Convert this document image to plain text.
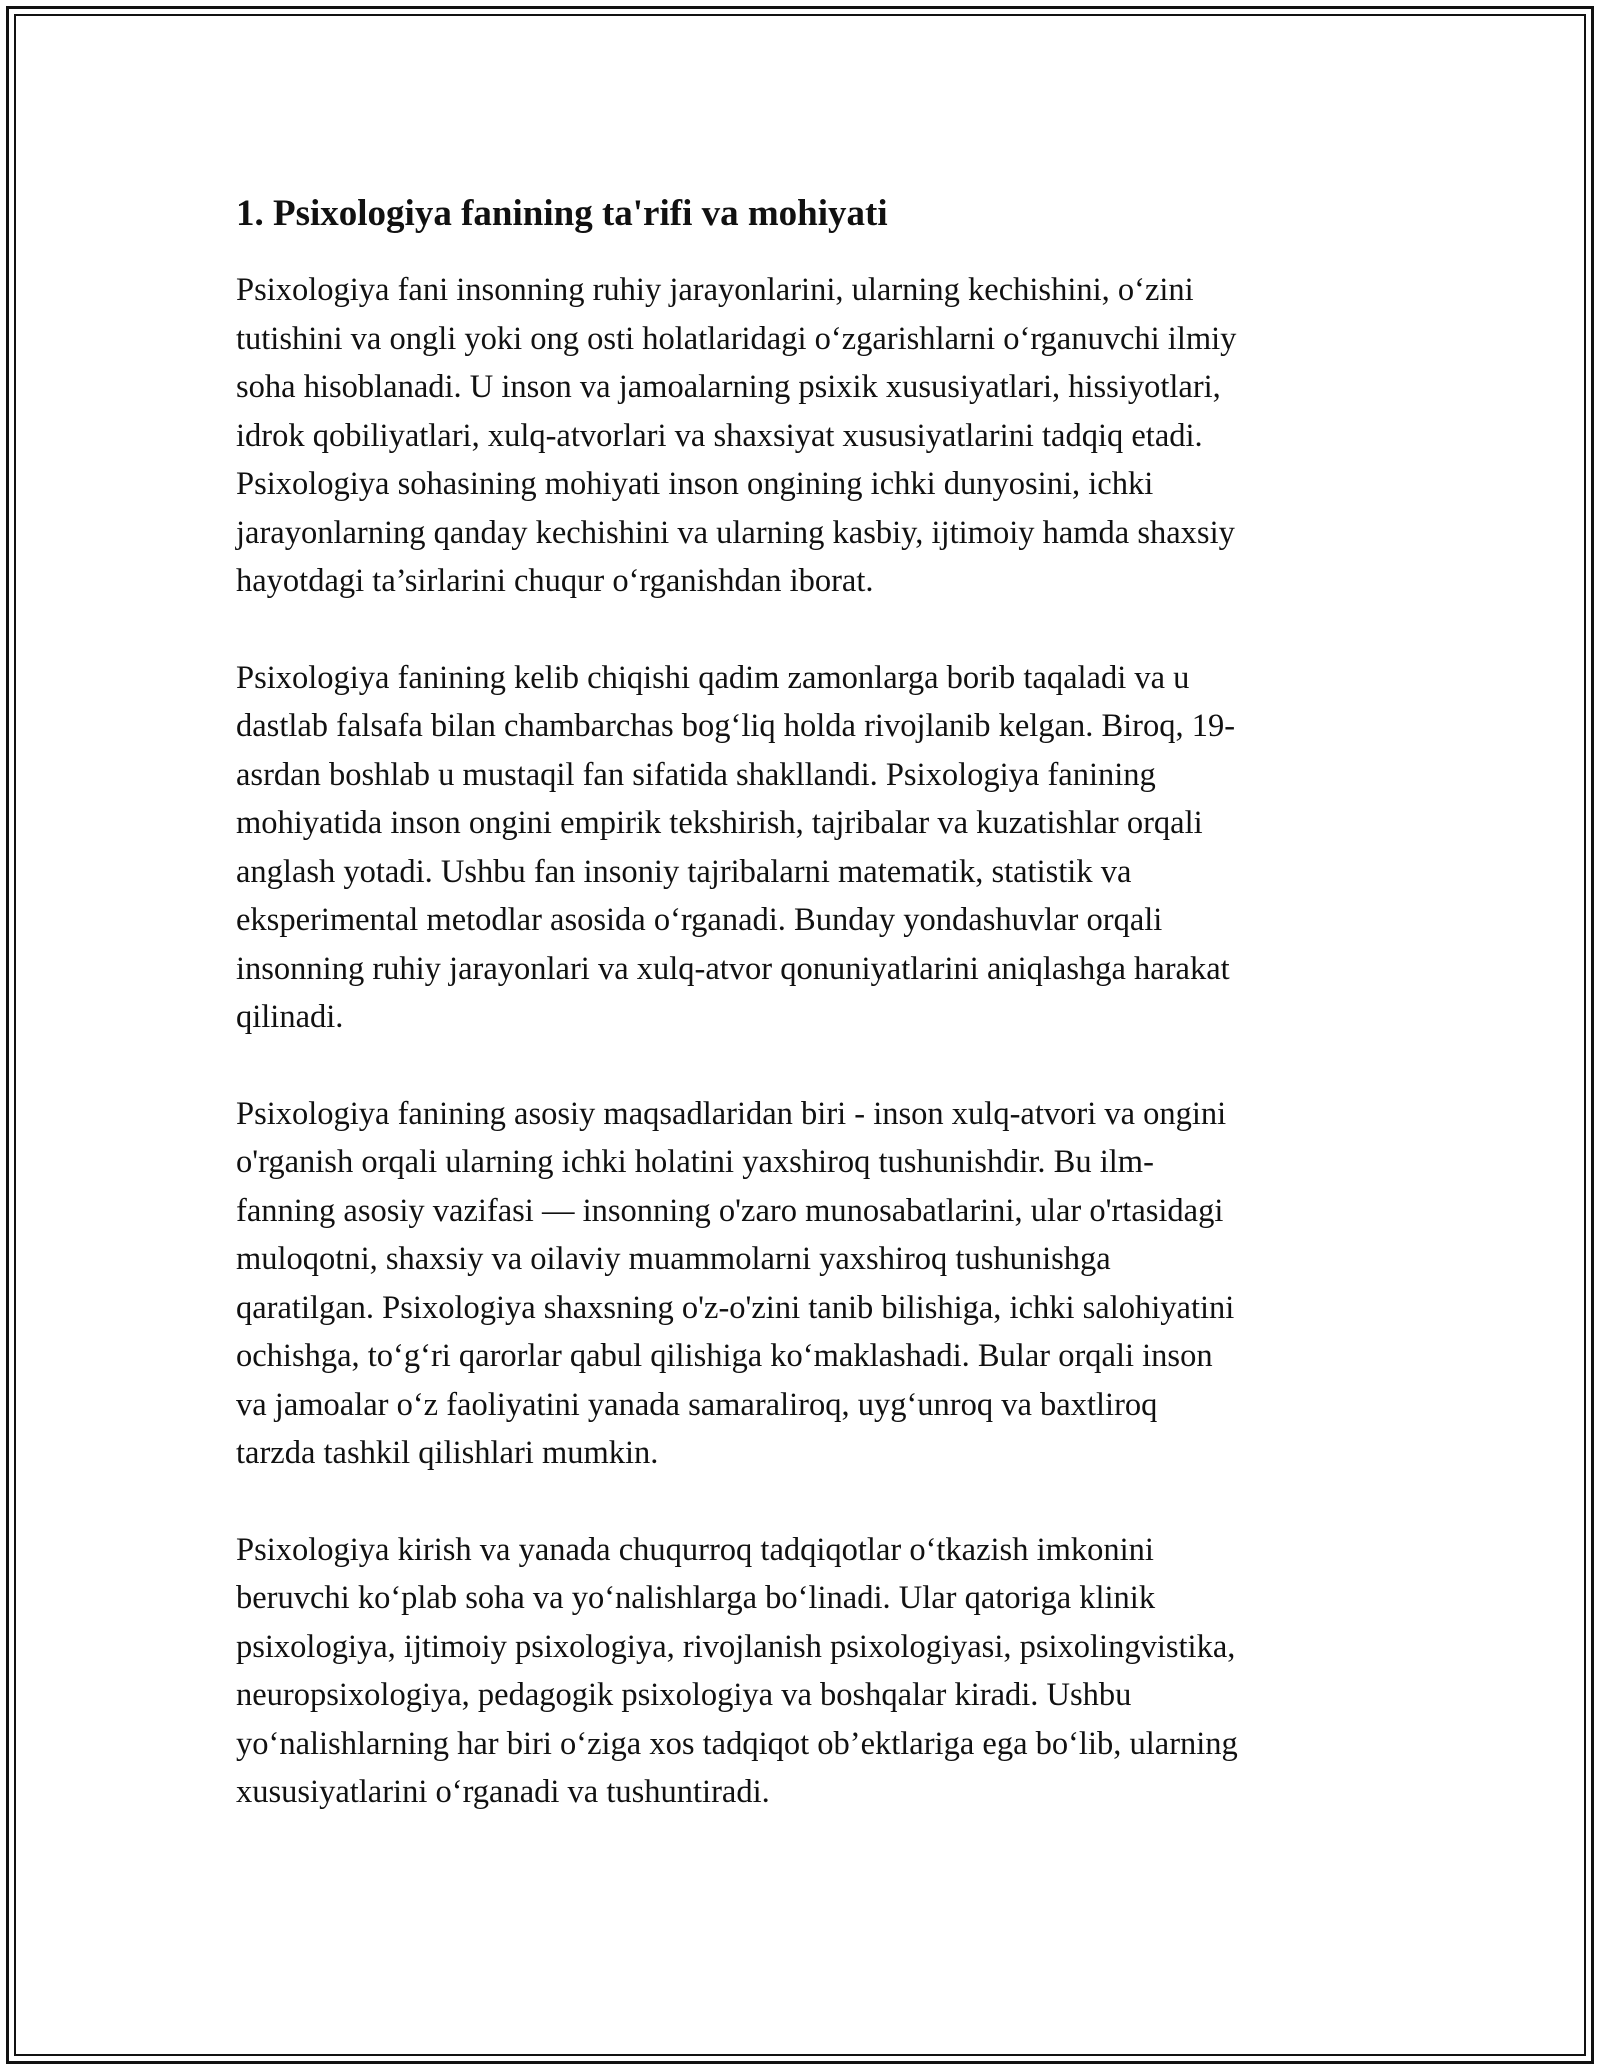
1. Psixologiya fanining ta'rifi va mohiyati

Psixologiya fani insonning ruhiy jarayonlarini, ularning kechishini, o‘zini
tutishini va ongli yoki ong osti holatlaridagi o‘zgarishlarni o‘rganuvchi ilmiy
soha hisoblanadi. U inson va jamoalarning psixik xususiyatlari, hissiyotlari,
idrok qobiliyatlari, xulq-atvorlari va shaxsiyat xususiyatlarini tadqiq etadi.
Psixologiya sohasining mohiyati inson ongining ichki dunyosini, ichki
jarayonlarning qanday kechishini va ularning kasbiy, ijtimoiy hamda shaxsiy
hayotdagi ta’sirlarini chuqur o‘rganishdan iborat.

Psixologiya fanining kelib chiqishi qadim zamonlarga borib taqaladi va u
dastlab falsafa bilan chambarchas bog‘liq holda rivojlanib kelgan. Biroq, 19-
asrdan boshlab u mustaqil fan sifatida shakllandi. Psixologiya fanining
mohiyatida inson ongini empirik tekshirish, tajribalar va kuzatishlar orqali
anglash yotadi. Ushbu fan insoniy tajribalarni matematik, statistik va
eksperimental metodlar asosida o‘rganadi. Bunday yondashuvlar orqali
insonning ruhiy jarayonlari va xulq-atvor qonuniyatlarini aniqlashga harakat
qilinadi.

Psixologiya fanining asosiy maqsadlaridan biri - inson xulq-atvori va ongini
o'rganish orqali ularning ichki holatini yaxshiroq tushunishdir. Bu ilm-
fanning asosiy vazifasi — insonning o'zaro munosabatlarini, ular o'rtasidagi
muloqotni, shaxsiy va oilaviy muammolarni yaxshiroq tushunishga
qaratilgan. Psixologiya shaxsning o'z-o'zini tanib bilishiga, ichki salohiyatini
ochishga, to‘g‘ri qarorlar qabul qilishiga ko‘maklashadi. Bular orqali inson
va jamoalar o‘z faoliyatini yanada samaraliroq, uyg‘unroq va baxtliroq
tarzda tashkil qilishlari mumkin.

Psixologiya kirish va yanada chuqurroq tadqiqotlar o‘tkazish imkonini
beruvchi ko‘plab soha va yo‘nalishlarga bo‘linadi. Ular qatoriga klinik
psixologiya, ijtimoiy psixologiya, rivojlanish psixologiyasi, psixolingvistika,
neuropsixologiya, pedagogik psixologiya va boshqalar kiradi. Ushbu
yo‘nalishlarning har biri o‘ziga xos tadqiqot ob’ektlariga ega bo‘lib, ularning
xususiyatlarini o‘rganadi va tushuntiradi.
